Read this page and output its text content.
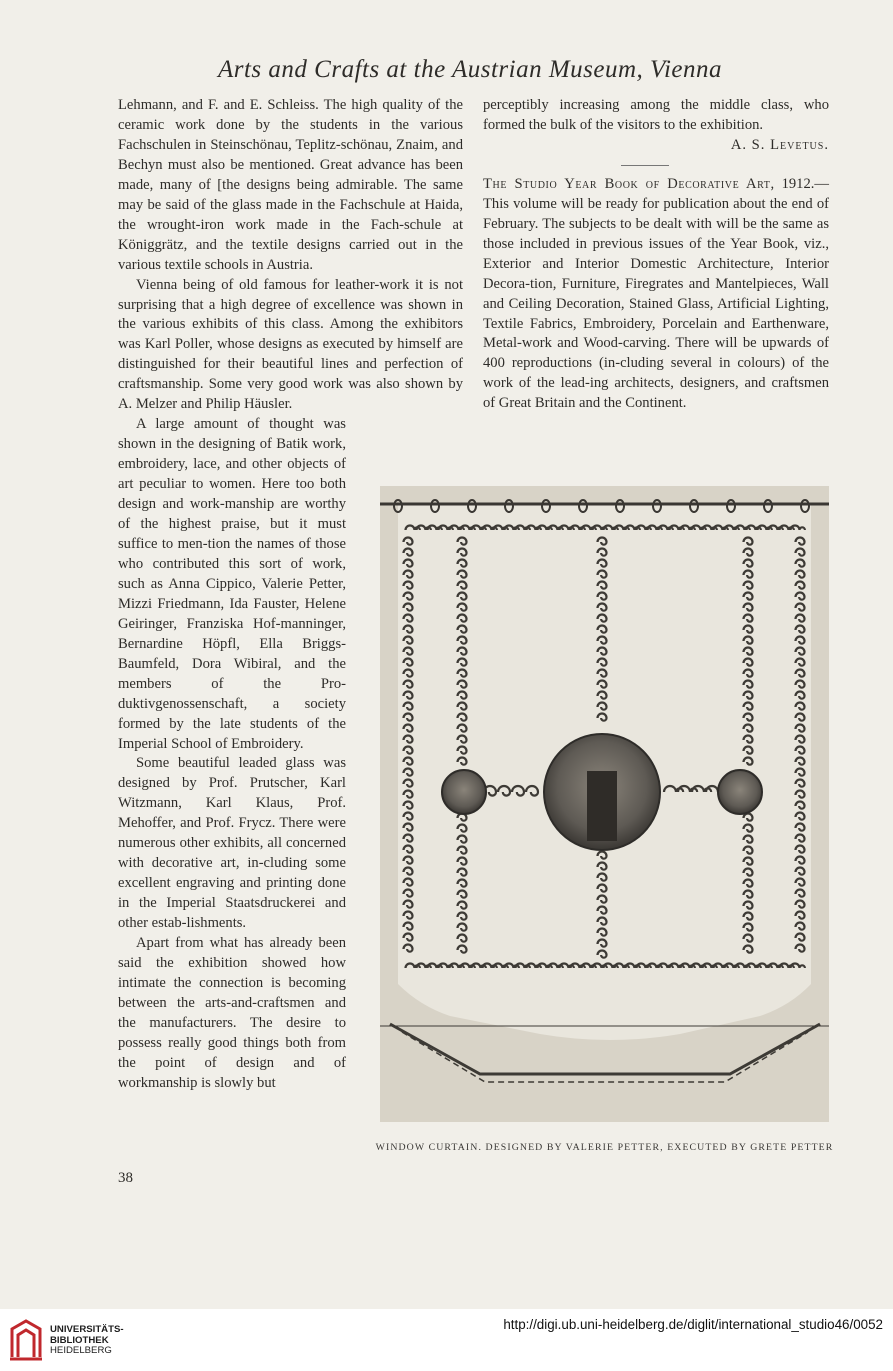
Arts and Crafts at the Austrian Museum, Vienna

Lehmann, and F. and E. Schleiss. The high quality of the ceramic work done by the students in the various Fachschulen in Steinschönau, Teplitz-schönau, Znaim, and Bechyn must also be mentioned. Great advance has been made, many of [the designs being admirable. The same may be said of the glass made in the Fachschule at Haida, the wrought-iron work made in the Fach-schule at Königgrätz, and the textile designs carried out in the various textile schools in Austria.

Vienna being of old famous for leather-work it is not surprising that a high degree of excellence was shown in the various exhibits of this class. Among the exhibitors was Karl Poller, whose designs as executed by himself are distinguished for their beautiful lines and perfection of craftsmanship. Some very good work was also shown by A. Melzer and Philip Häusler.

A large amount of thought was shown in the designing of Batik work, embroidery, lace, and other objects of art peculiar to women. Here too both design and work-manship are worthy of the highest praise, but it must suffice to men-tion the names of those who contributed this sort of work, such as Anna Cippico, Valerie Petter, Mizzi Friedmann, Ida Fauster, Helene Geiringer, Franziska Hof-manninger, Bernardine Höpfl, Ella Briggs-Baumfeld, Dora Wibiral, and the members of the Pro-duktivgenossenschaft, a society formed by the late students of the Imperial School of Embroidery.

Some beautiful leaded glass was designed by Prof. Prutscher, Karl Witzmann, Karl Klaus, Prof. Mehoffer, and Prof. Frycz. There were numerous other exhibits, all concerned with decorative art, in-cluding some excellent engraving and printing done in the Imperial Staatsdruckerei and other estab-lishments.

Apart from what has already been said the exhibition showed how intimate the connection is becoming between the arts-and-craftsmen and the manufacturers. The desire to possess really good things both from the point of design and of workmanship is slowly but

38

perceptibly increasing among the middle class, who formed the bulk of the visitors to the exhibition.

A. S. Levetus.

The Studio Year Book of Decorative Art, 1912.—This volume will be ready for publication about the end of February. The subjects to be dealt with will be the same as those included in previous issues of the Year Book, viz., Exterior and Interior Domestic Architecture, Interior Decora-tion, Furniture, Firegrates and Mantelpieces, Wall and Ceiling Decoration, Stained Glass, Artificial Lighting, Textile Fabrics, Embroidery, Porcelain and Earthenware, Metal-work and Wood-carving. There will be upwards of 400 reproductions (in-cluding several in colours) of the work of the lead-ing architects, designers, and craftsmen of Great Britain and the Continent.

WINDOW CURTAIN. DESIGNED BY VALERIE PETTER, EXECUTED BY GRETE PETTER
UNIVERSITÄTS-
BIBLIOTHEK
HEIDELBERG
http://digi.ub.uni-heidelberg.de/diglit/international_studio46/0052
